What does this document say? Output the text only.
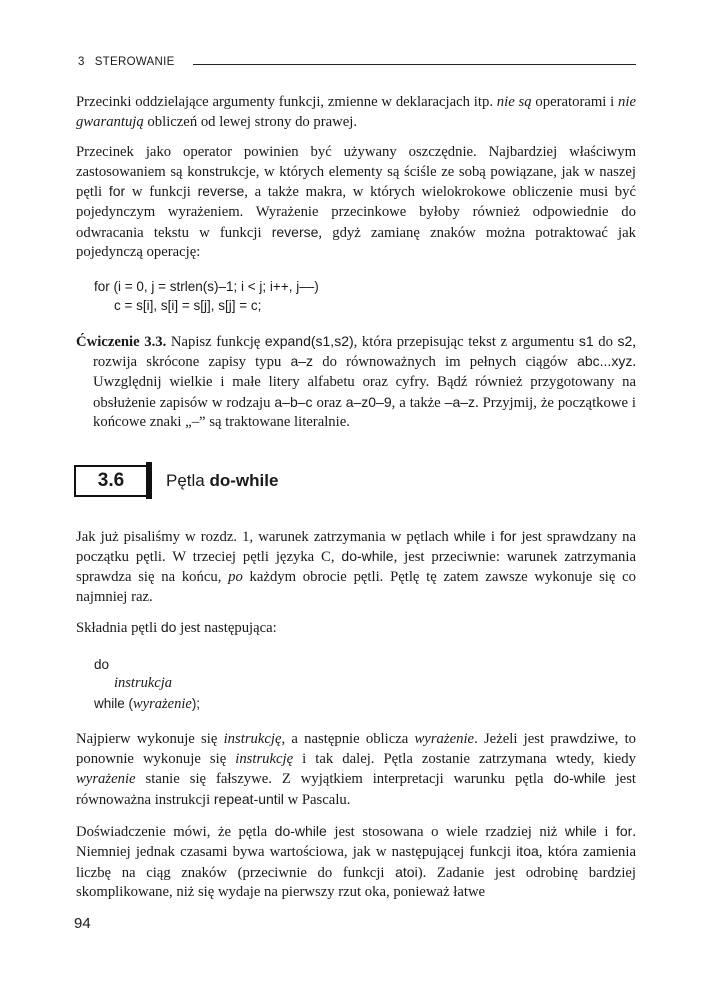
3 STEROWANIE

Przecinki oddzielające argumenty funkcji, zmienne w deklaracjach itp. nie są operatorami i nie gwarantują obliczeń od lewej strony do prawej.

Przecinek jako operator powinien być używany oszczędnie. Najbardziej właściwym zastosowaniem są konstrukcje, w których elementy są ściśle ze sobą powiązane, jak w naszej pętli for w funkcji reverse, a także makra, w których wielokrokowe obliczenie musi być pojedynczym wyrażeniem. Wyrażenie przecinkowe byłoby również odpowiednie do odwracania tekstu w funkcji reverse, gdyż zamianę znaków można potraktować jak pojedynczą operację:

for (i = 0, j = strlen(s)–1; i < j; i++, j––)
c = s[i], s[i] = s[j], s[j] = c;

Ćwiczenie 3.3. Napisz funkcję expand(s1,s2), która przepisując tekst z argumentu s1 do s2, rozwija skrócone zapisy typu a–z do równoważnych im pełnych ciągów abc...xyz. Uwzględnij wielkie i małe litery alfabetu oraz cyfry. Bądź również przygotowany na obsłużenie zapisów w rodzaju a–b–c oraz a–z0–9, a także –a–z. Przyjmij, że początkowe i końcowe znaki „–” są traktowane literalnie.

3.6 Pętla do-while

Jak już pisaliśmy w rozdz. 1, warunek zatrzymania w pętlach while i for jest sprawdzany na początku pętli. W trzeciej pętli języka C, do-while, jest przeciwnie: warunek zatrzymania sprawdza się na końcu, po każdym obrocie pętli. Pętlę tę zatem zawsze wykonuje się co najmniej raz.

Składnia pętli do jest następująca:

do
instrukcja
while (wyrażenie);

Najpierw wykonuje się instrukcję, a następnie oblicza wyrażenie. Jeżeli jest prawdziwe, to ponownie wykonuje się instrukcję i tak dalej. Pętla zostanie zatrzymana wtedy, kiedy wyrażenie stanie się fałszywe. Z wyjątkiem interpretacji warunku pętla do-while jest równoważna instrukcji repeat-until w Pascalu.

Doświadczenie mówi, że pętla do-while jest stosowana o wiele rzadziej niż while i for. Niemniej jednak czasami bywa wartościowa, jak w następującej funkcji itoa, która zamienia liczbę na ciąg znaków (przeciwnie do funkcji atoi). Zadanie jest odrobinę bardziej skomplikowane, niż się wydaje na pierwszy rzut oka, ponieważ łatwe

94
